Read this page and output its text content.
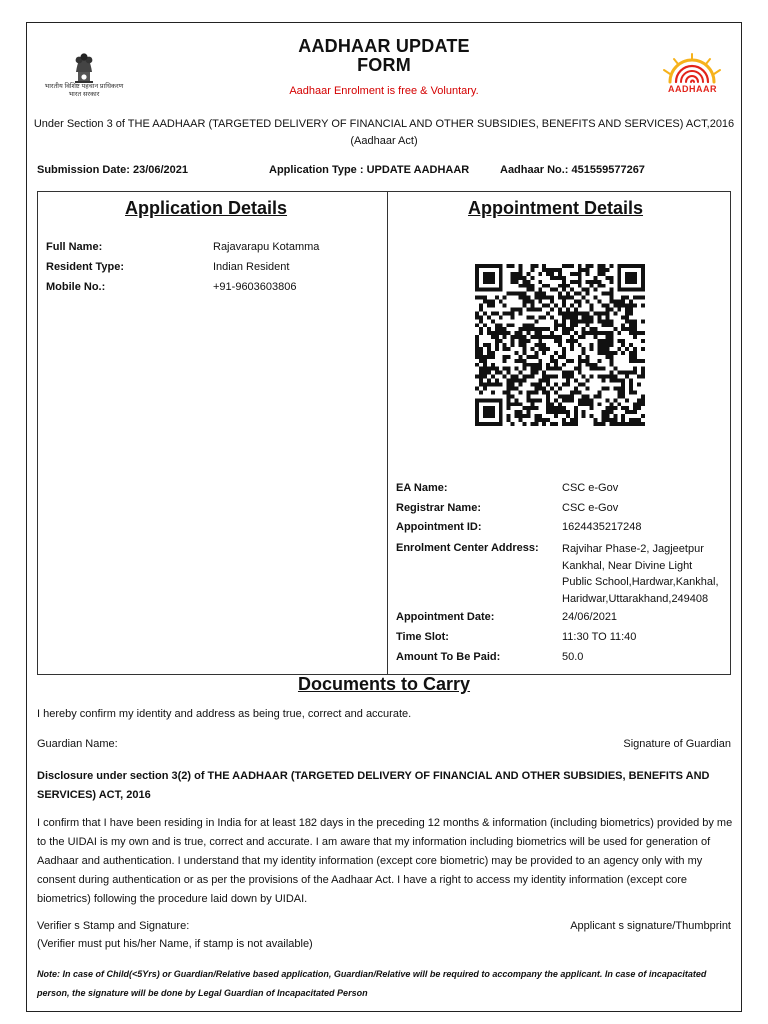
भारतीय विशिष्ट पहचान प्राधिकरण
भारत सरकार
AADHAAR UPDATE
FORM
Aadhaar Enrolment is free & Voluntary.	AADHAAR
Under Section 3 of THE AADHAAR (TARGETED DELIVERY OF FINANCIAL AND OTHER SUBSIDIES, BENEFITS AND SERVICES) ACT,2016 (Aadhaar Act)
Submission Date: 23/06/2021	Application Type : UPDATE AADHAAR	Aadhaar No.: 451559577267
Application Details	Appointment Details
Full Name:	Rajavarapu Kotamma
Resident Type:	Indian Resident
Mobile No.:	+91-9603603806
EA Name:	CSC e-Gov
Registrar Name:	CSC e-Gov
Appointment ID:	1624435217248
Enrolment Center Address: Rajvihar Phase-2, Jagjeetpur
Kankhal, Near Divine Light
Public School,Hardwar,Kankhal,
Haridwar,Uttarakhand,249408
Appointment Date:	24/06/2021
Time Slot:	11:30 TO 11:40
Amount To Be Paid:	50.0
Documents to Carry
I hereby confirm my identity and address as being true, correct and accurate.
Guardian Name:	Signature of Guardian
Disclosure under section 3(2) of THE AADHAAR (TARGETED DELIVERY OF FINANCIAL AND OTHER SUBSIDIES, BENEFITS AND SERVICES) ACT, 2016
I confirm that I have been residing in India for at least 182 days in the preceding 12 months & information (including biometrics) provided by me to the UIDAI is my own and is true, correct and accurate. I am aware that my information including biometrics will be used for generation of Aadhaar and authentication. I understand that my identity information (except core biometric) may be provided to an agency only with my consent during authentication or as per the provisions of the Aadhaar Act. I have a right to access my identity information (except core biometrics) following the procedure laid down by UIDAI.
Verifier s Stamp and Signature:
(Verifier must put his/her Name, if stamp is not available)
Applicant s signature/Thumbprint
Note: In case of Child(<5Yrs) or Guardian/Relative based application, Guardian/Relative will be required to accompany the applicant. In case of incapacitated person, the signature will be done by Legal Guardian of Incapacitated Person
